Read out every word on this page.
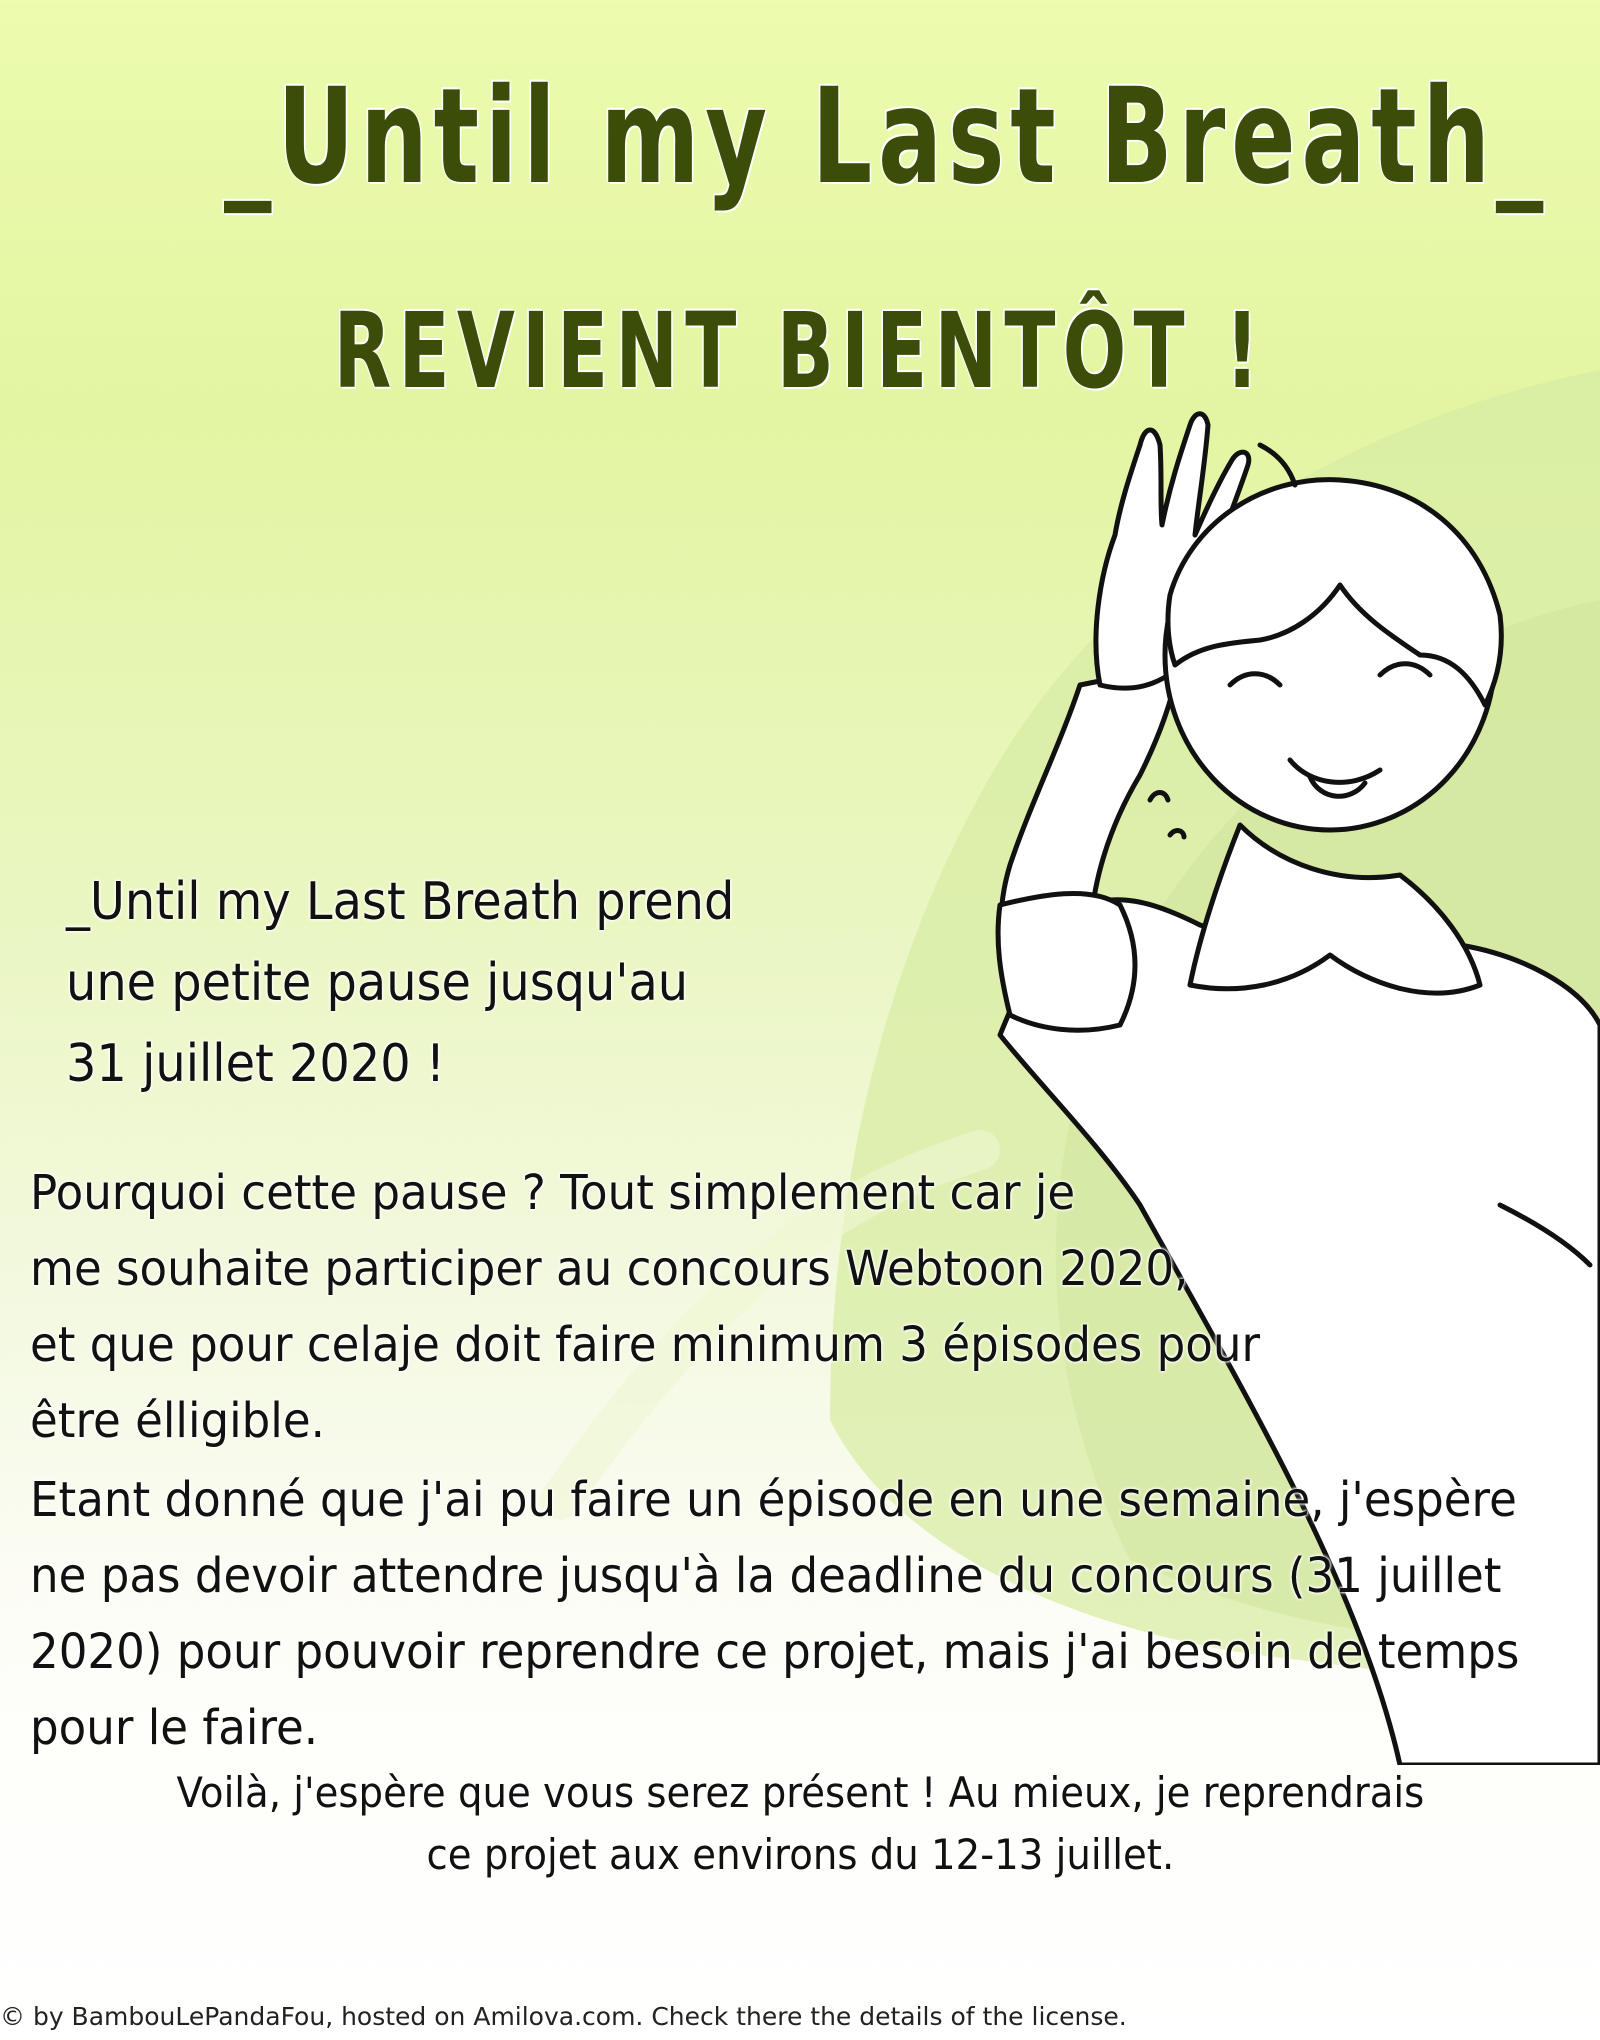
_Until my Last Breath_
REVIENT BIENTÔT !
_Until my Last Breath prend
une petite pause jusqu'au
31 juillet 2020 !
Pourquoi cette pause ? Tout simplement car je
me souhaite participer au concours Webtoon 2020,
et que pour celaje doit faire minimum 3 épisodes pour
être élligible.
Etant donné que j'ai pu faire un épisode en une semaine, j'espère
ne pas devoir attendre jusqu'à la deadline du concours (31 juillet
2020) pour pouvoir reprendre ce projet, mais j'ai besoin de temps
pour le faire.
Voilà, j'espère que vous serez présent ! Au mieux, je reprendrais
ce projet aux environs du 12-13 juillet.

© by BambouLePandaFou, hosted on Amilova.com. Check there the details of the license.
